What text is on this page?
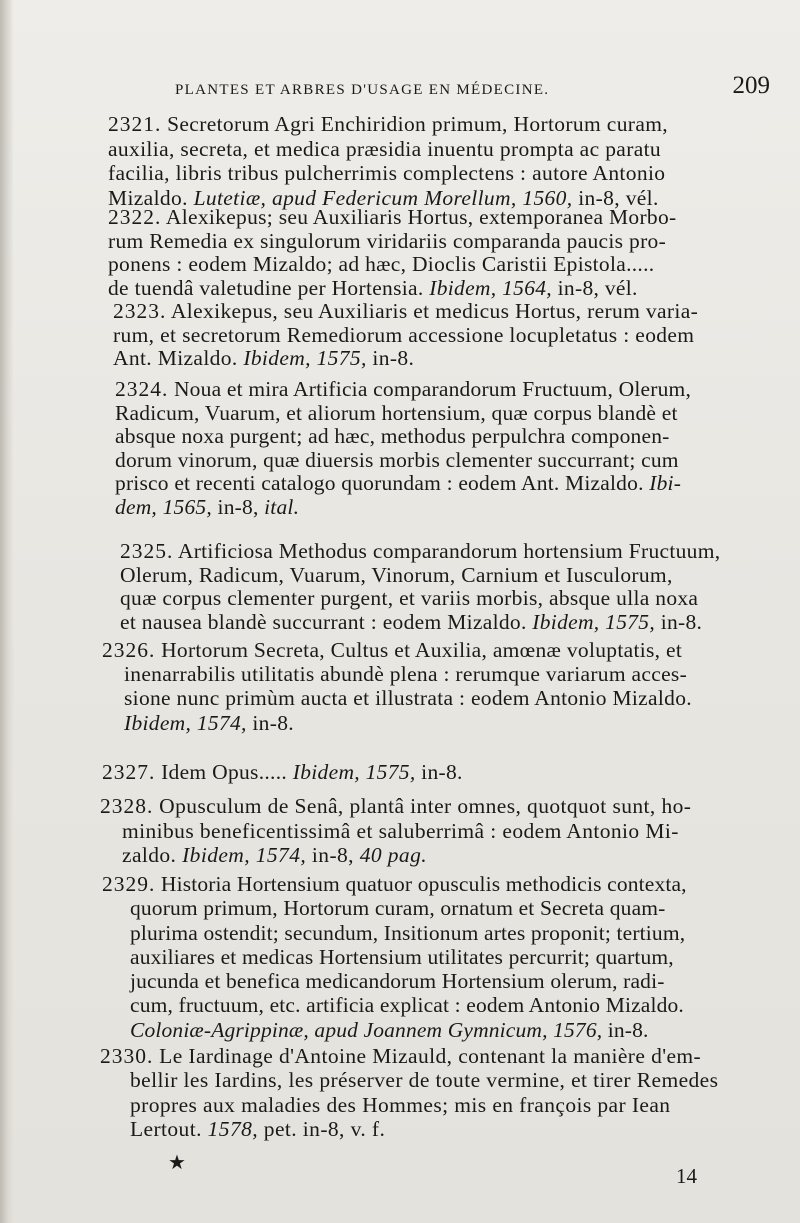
PLANTES ET ARBRES D'USAGE EN MÉDECINE.	209

2321. Secretorum Agri Enchiridion primum, Hortorum curam,
auxilia, secreta, et medica præsidia inuentu prompta ac paratu
facilia, libris tribus pulcherrimis complectens : autore Antonio
Mizaldo. Lutetiæ, apud Federicum Morellum, 1560, in-8, vél.

2322. Alexikepus; seu Auxiliaris Hortus, extemporanea Morbo-
rum Remedia ex singulorum viridariis comparanda paucis pro-
ponens : eodem Mizaldo; ad hæc, Dioclis Caristii Epistola.....
de tuendâ valetudine per Hortensia. Ibidem, 1564, in-8, vél.

2323. Alexikepus, seu Auxiliaris et medicus Hortus, rerum varia-
rum, et secretorum Remediorum accessione locupletatus : eodem
Ant. Mizaldo. Ibidem, 1575, in-8.

2324. Noua et mira Artificia comparandorum Fructuum, Olerum,
Radicum, Vuarum, et aliorum hortensium, quæ corpus blandè et
absque noxa purgent; ad hæc, methodus perpulchra componen-
dorum vinorum, quæ diuersis morbis clementer succurrant; cum
prisco et recenti catalogo quorundam : eodem Ant. Mizaldo. Ibi-
dem, 1565, in-8, ital.

2325. Artificiosa Methodus comparandorum hortensium Fructuum,
Olerum, Radicum, Vuarum, Vinorum, Carnium et Iusculorum,
quæ corpus clementer purgent, et variis morbis, absque ulla noxa
et nausea blandè succurrant : eodem Mizaldo. Ibidem, 1575, in-8.

2326. Hortorum Secreta, Cultus et Auxilia, amœnæ voluptatis, et
inenarrabilis utilitatis abundè plena : rerumque variarum acces-
sione nunc primùm aucta et illustrata : eodem Antonio Mizaldo.
Ibidem, 1574, in-8.

2327. Idem Opus..... Ibidem, 1575, in-8.

2328. Opusculum de Senâ, plantâ inter omnes, quotquot sunt, ho-
minibus beneficentissimâ et saluberrimâ : eodem Antonio Mi-
zaldo. Ibidem, 1574, in-8, 40 pag.

2329. Historia Hortensium quatuor opusculis methodicis contexta,
quorum primum, Hortorum curam, ornatum et Secreta quam-
plurima ostendit; secundum, Insitionum artes proponit; tertium,
auxiliares et medicas Hortensium utilitates percurrit; quartum,
jucunda et benefica medicandorum Hortensium olerum, radi-
cum, fructuum, etc. artificia explicat : eodem Antonio Mizaldo.
Coloniæ-Agrippinæ, apud Joannem Gymnicum, 1576, in-8.

2330. Le Iardinage d'Antoine Mizauld, contenant la manière d'em-
bellir les Iardins, les préserver de toute vermine, et tirer Remedes
propres aux maladies des Hommes; mis en françois par Iean
Lertout. 1578, pet. in-8, v. f.

★
14
